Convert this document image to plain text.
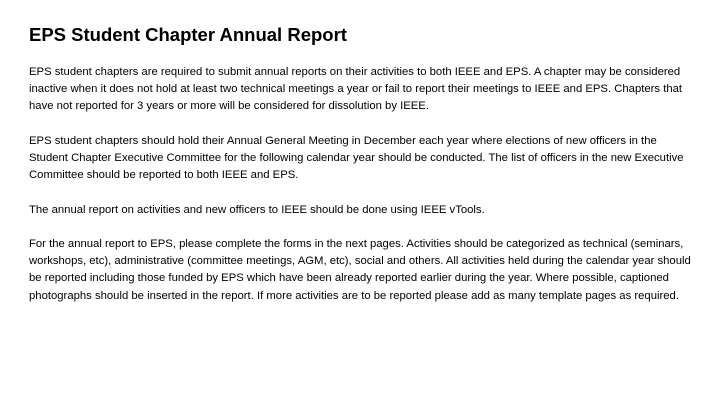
EPS Student Chapter Annual Report

EPS student chapters are required to submit annual reports on their activities to both IEEE and EPS. A chapter may be considered inactive when it does not hold at least two technical meetings a year or fail to report their meetings to IEEE and EPS. Chapters that have not reported for 3 years or more will be considered for dissolution by IEEE.

EPS student chapters should hold their Annual General Meeting in December each year where elections of new officers in the Student Chapter Executive Committee for the following calendar year should be conducted. The list of officers in the new Executive Committee should be reported to both IEEE and EPS.

The annual report on activities and new officers to IEEE should be done using IEEE vTools.

For the annual report to EPS, please complete the forms in the next pages. Activities should be categorized as technical (seminars, workshops, etc), administrative (committee meetings, AGM, etc), social and others. All activities held during the calendar year should be reported including those funded by EPS which have been already reported earlier during the year. Where possible, captioned photographs should be inserted in the report. If more activities are to be reported please add as many template pages as required.
